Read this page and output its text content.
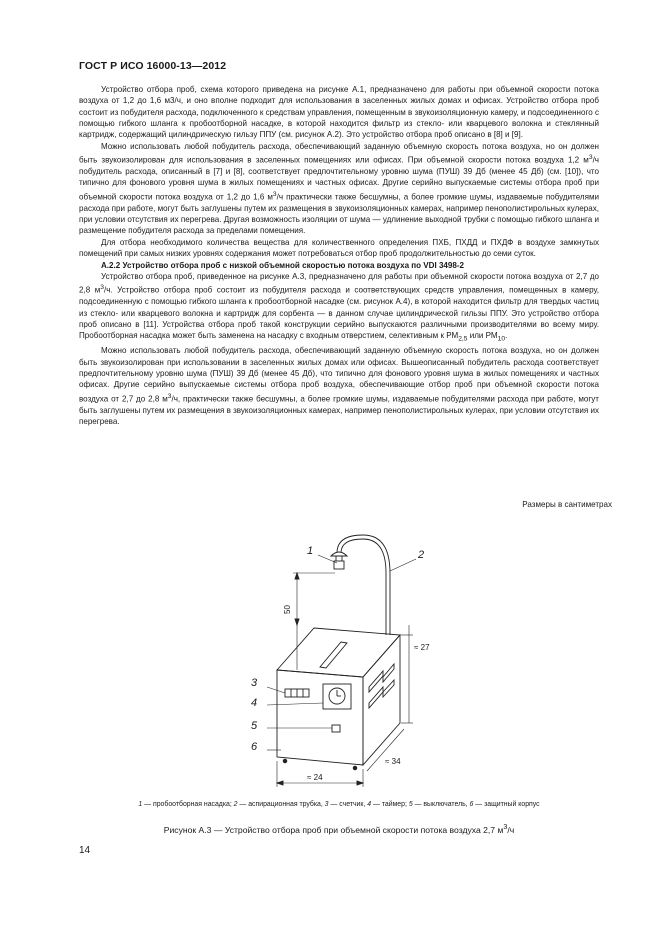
ГОСТ Р ИСО 16000-13—2012

Устройство отбора проб, схема которого приведена на рисунке А.1, предназначено для работы при объемной скорости потока воздуха от 1,2 до 1,6 м3/ч, и оно вполне подходит для использования в заселенных жилых домах и офисах. Устройство отбора проб состоит из побудителя расхода, подключенного к средствам управления, помещенным в звукоизоляционную камеру, и подсоединенного с помощью гибкого шланга к пробоотборной насадке, в которой находится фильтр из стекло- или кварцевого волокна и стеклянный картридж, содержащий цилиндрическую гильзу ППУ (см. рисунок А.2). Это устройство отбора проб описано в [8] и [9].

Можно использовать любой побудитель расхода, обеспечивающий заданную объемную скорость потока воздуха, но он должен быть звукоизолирован для использования в заселенных помещениях или офисах. При объемной скорости потока воздуха 1,2 $м^3/ч$ побудитель расхода, описанный в [7] и [8], соответствует предпочтительному уровню шума (ПУШ) 39 Дб (менее 45 Дб) (см. [10]), что типично для фонового уровня шума в жилых помещениях и частных офисах. Другие серийно выпускаемые системы отбора проб при объемной скорости потока воздуха от 1,2 до 1,6 $м^3/ч$ практически также бесшумны, а более громкие шумы, издаваемые побудителями расхода при работе, могут быть заглушены путем их размещения в звукоизоляционных камерах, например пенополистирольных кулерах, при условии отсутствия их перегрева. Другая возможность изоляции от шума — удлинение выходной трубки с помощью гибкого шланга и размещение побудителя расхода за пределами помещения.

Для отбора необходимого количества вещества для количественного определения ПХБ, ПХДД и ПХДФ в воздухе замкнутых помещений при самых низких уровнях содержания может потребоваться отбор проб продолжительностью до семи суток.

А.2.2 Устройство отбора проб с низкой объемной скоростью потока воздуха по VDI 3498-2

Устройство отбора проб, приведенное на рисунке А.3, предназначено для работы при объемной скорости потока воздуха от 2,7 до 2,8 $м^3/ч$. Устройство отбора проб состоит из побудителя расхода и соответствующих средств управления, помещенных в камеру, подсоединенную с помощью гибкого шланга к пробоотборной насадке (см. рисунок А.4), в которой находится фильтр для твердых частиц из стекло- или кварцевого волокна и картридж для сорбента — в данном случае цилиндрической гильзы ППУ. Это устройство отбора проб описано в [11]. Устройства отбора проб такой конструкции серийно выпускаются различными производителями во всему миру. Пробоотборная насадка может быть заменена на насадку с входным отверстием, селективным к $РМ_{2,5}$ или $РМ_{10}$.

Можно использовать любой побудитель расхода, обеспечивающий заданную объемную скорость потока воздуха, но он должен быть звукоизолирован при использовании в заселенных жилых домах или офисах. Вышеописанный побудитель расхода соответствует предпочтительному уровню шума (ПУШ) 39 Дб (менее 45 Дб), что типично для фонового уровня шума в жилых помещениях и частных офисах. Другие серийно выпускаемые системы отбора проб воздуха, обеспечивающие отбор проб при объемной скорости потока воздуха от 2,7 до 2,8 $м^3/ч$, практически также бесшумны, а более громкие шумы, издаваемые побудителями расхода при работе, могут быть заглушены путем их размещения в звукоизоляционных камерах, например пенополистирольных кулерах, при условии отсутствия их перегрева.

Размеры в сантиметрах
1	2
3
4
5
6
50
≈ 27
≈ 24
≈ 34
1 — пробоотборная насадка; 2 — аспирационная трубка, 3 — счетчик, 4 — таймер; 5 — выключатель, 6 — защитный корпус
Рисунок А.3 — Устройство отбора проб при объемной скорости потока воздуха 2,7 $м^3/ч$
14
